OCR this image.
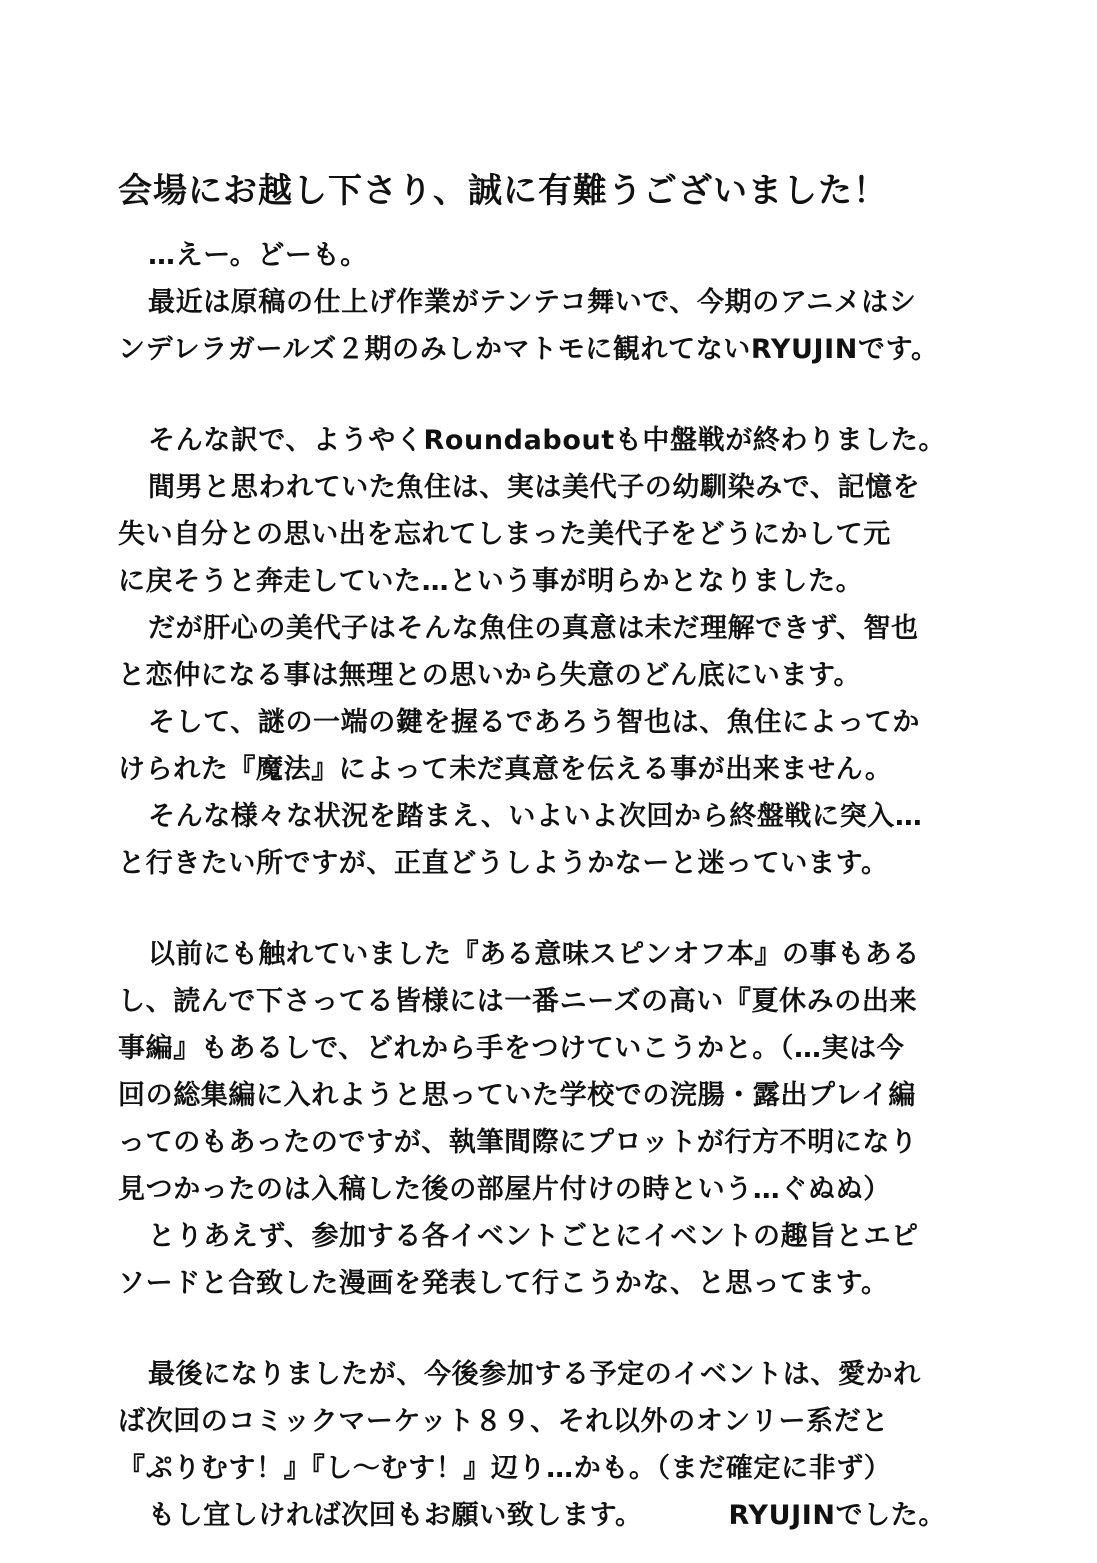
会場にお越し下さり、誠に有難うございました！
…えー。どーも。
最近は原稿の仕上げ作業がテンテコ舞いで、今期のアニメはシ
ンデレラガールズ２期のみしかマトモに観れてないRYUJINです。
そんな訳で、ようやくRoundaboutも中盤戦が終わりました。
間男と思われていた魚住は、実は美代子の幼馴染みで、記憶を
失い自分との思い出を忘れてしまった美代子をどうにかして元
に戻そうと奔走していた…という事が明らかとなりました。
だが肝心の美代子はそんな魚住の真意は未だ理解できず、智也
と恋仲になる事は無理との思いから失意のどん底にいます。
そして、謎の一端の鍵を握るであろう智也は、魚住によってか
けられた『魔法』によって未だ真意を伝える事が出来ません。
そんな様々な状況を踏まえ、いよいよ次回から終盤戦に突入…
と行きたい所ですが、正直どうしようかなーと迷っています。
以前にも触れていました『ある意味スピンオフ本』の事もある
し、読んで下さってる皆様には一番ニーズの高い『夏休みの出来
事編』もあるしで、どれから手をつけていこうかと。（…実は今
回の総集編に入れようと思っていた学校での浣腸・露出プレイ編
ってのもあったのですが、執筆間際にプロットが行方不明になり
見つかったのは入稿した後の部屋片付けの時という…ぐぬぬ）
とりあえず、参加する各イベントごとにイベントの趣旨とエピ
ソードと合致した漫画を発表して行こうかな、と思ってます。
最後になりましたが、今後参加する予定のイベントは、愛かれ
ば次回のコミックマーケット８９、それ以外のオンリー系だと
『ぷりむす！』『し～むす！』辺り…かも。（まだ確定に非ず）
もし宜しければ次回もお願い致します。	RYUJINでした。
